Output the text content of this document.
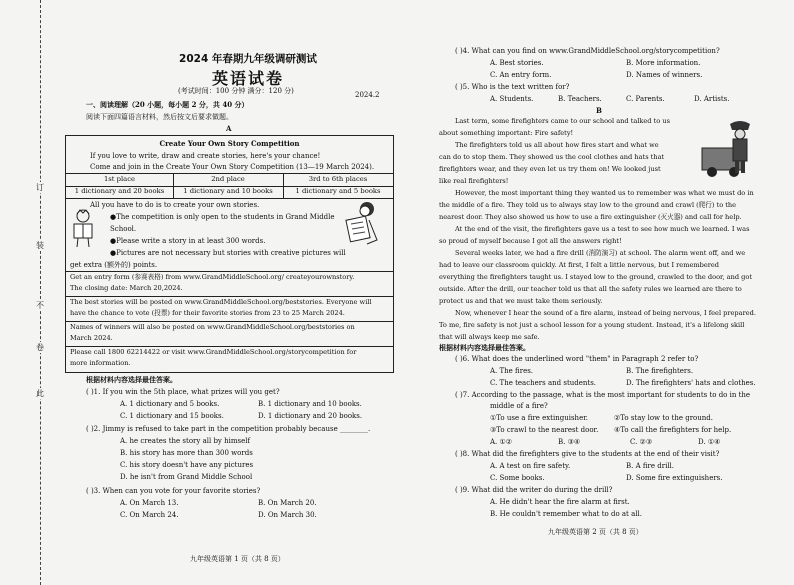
订
装
不
卷
此
2024 年春期九年级调研测试
英语试卷
(考试时间：100 分钟 满分：120 分)	2024.2
一、阅读理解（20 小题，每小题 2 分，共 40 分）
阅读下面四篇语言材料，然后按文后要求做题。
A
Create Your Own Story Competition
If you love to write, draw and create stories, here's your chance!
Come and join in the Create Your Own Story Competition (13—19 March 2024).
1st place	2nd place	3rd to 6th places
1 dictionary and 20 books	1 dictionary and 10 books	1 dictionary and 5 books
All you have to do is to create your own stories.
●The competition is only open to the students in Grand Middle
School.
●Please write a story in at least 300 words.
●Pictures are not necessary but stories with creative pictures will
get extra (额外的) points.
Get an entry form (参赛表格) from www.GrandMiddleSchool.org/ createyourownstory.
The closing date: March 20,2024.
The best stories will be posted on www.GrandMiddleSchool.org/beststories. Everyone will
have the chance to vote (投票) for their favorite stories from 23 to 25 March 2024.
Names of winners will also be posted on www.GrandMiddleSchool.org/beststories on
March 2024.
Please call 1800 62214422 or visit www.GrandMiddleSchool.org/storycompetition for
more information.
根据材料内容选择最佳答案。
( )1. If you win the 5th place, what prizes will you get?
A. 1 dictionary and 5 books.	B. 1 dictionary and 10 books.
C. 1 dictionary and 15 books.	D. 1 dictionary and 20 books.
( )2. Jimmy is refused to take part in the competition probably because ________.
A. he creates the story all by himself
B. his story has more than 300 words
C. his story doesn't have any pictures
D. he isn't from Grand Middle School
( )3. When can you vote for your favorite stories?
A. On March 13.	B. On March 20.
C. On March 24.	D. On March 30.
九年级英语第 1 页（共 8 页）
( )4. What can you find on www.GrandMiddleSchool.org/storycompetition?
A. Best stories.	B. More information.
C. An entry form.	D. Names of winners.
( )5. Who is the text written for?
A. Students.	B. Teachers.	C. Parents.	D. Artists.
B
Last term, some firefighters came to our school and talked to us
about something important: Fire safety!
The firefighters told us all about how fires start and what we
can do to stop them. They showed us the cool clothes and hats that
firefighters wear, and they even let us try them on! We looked just
like real firefighters!
However, the most important thing they wanted us to remember was what we must do in
the middle of a fire. They told us to always stay low to the ground and crawl (爬行) to the
nearest door. They also showed us how to use a fire extinguisher (灭火器) and call for help.
At the end of the visit, the firefighters gave us a test to see how much we learned. I was
so proud of myself because I got all the answers right!
Several weeks later, we had a fire drill (消防演习) at school. The alarm went off, and we
had to leave our classroom quickly. At first, I felt a little nervous, but I remembered
everything the firefighters taught us. I stayed low to the ground, crawled to the door, and got
outside. After the drill, our teacher told us that all the safety rules we learned are there to
protect us and that we must take them seriously.
Now, whenever I hear the sound of a fire alarm, instead of being nervous, I feel prepared.
To me, fire safety is not just a school lesson for a young student. Instead, it's a lifelong skill
that will always keep me safe.
根据材料内容选择最佳答案。
( )6. What does the underlined word "them" in Paragraph 2 refer to?
A. The fires.	B. The firefighters.
C. The teachers and students.	D. The firefighters' hats and clothes.
( )7. According to the passage, what is the most important for students to do in the
middle of a fire?
①To use a fire extinguisher.	②To stay low to the ground.
③To crawl to the nearest door. ④To call the firefighters for help.
A. ①②	B. ③④	C. ②③	D. ①④
( )8. What did the firefighters give to the students at the end of their visit?
A. A test on fire safety.	B. A fire drill.
C. Some books.	D. Some fire extinguishers.
( )9. What did the writer do during the drill?
A. He didn't hear the fire alarm at first.
B. He couldn't remember what to do at all.
九年级英语第 2 页（共 8 页）
